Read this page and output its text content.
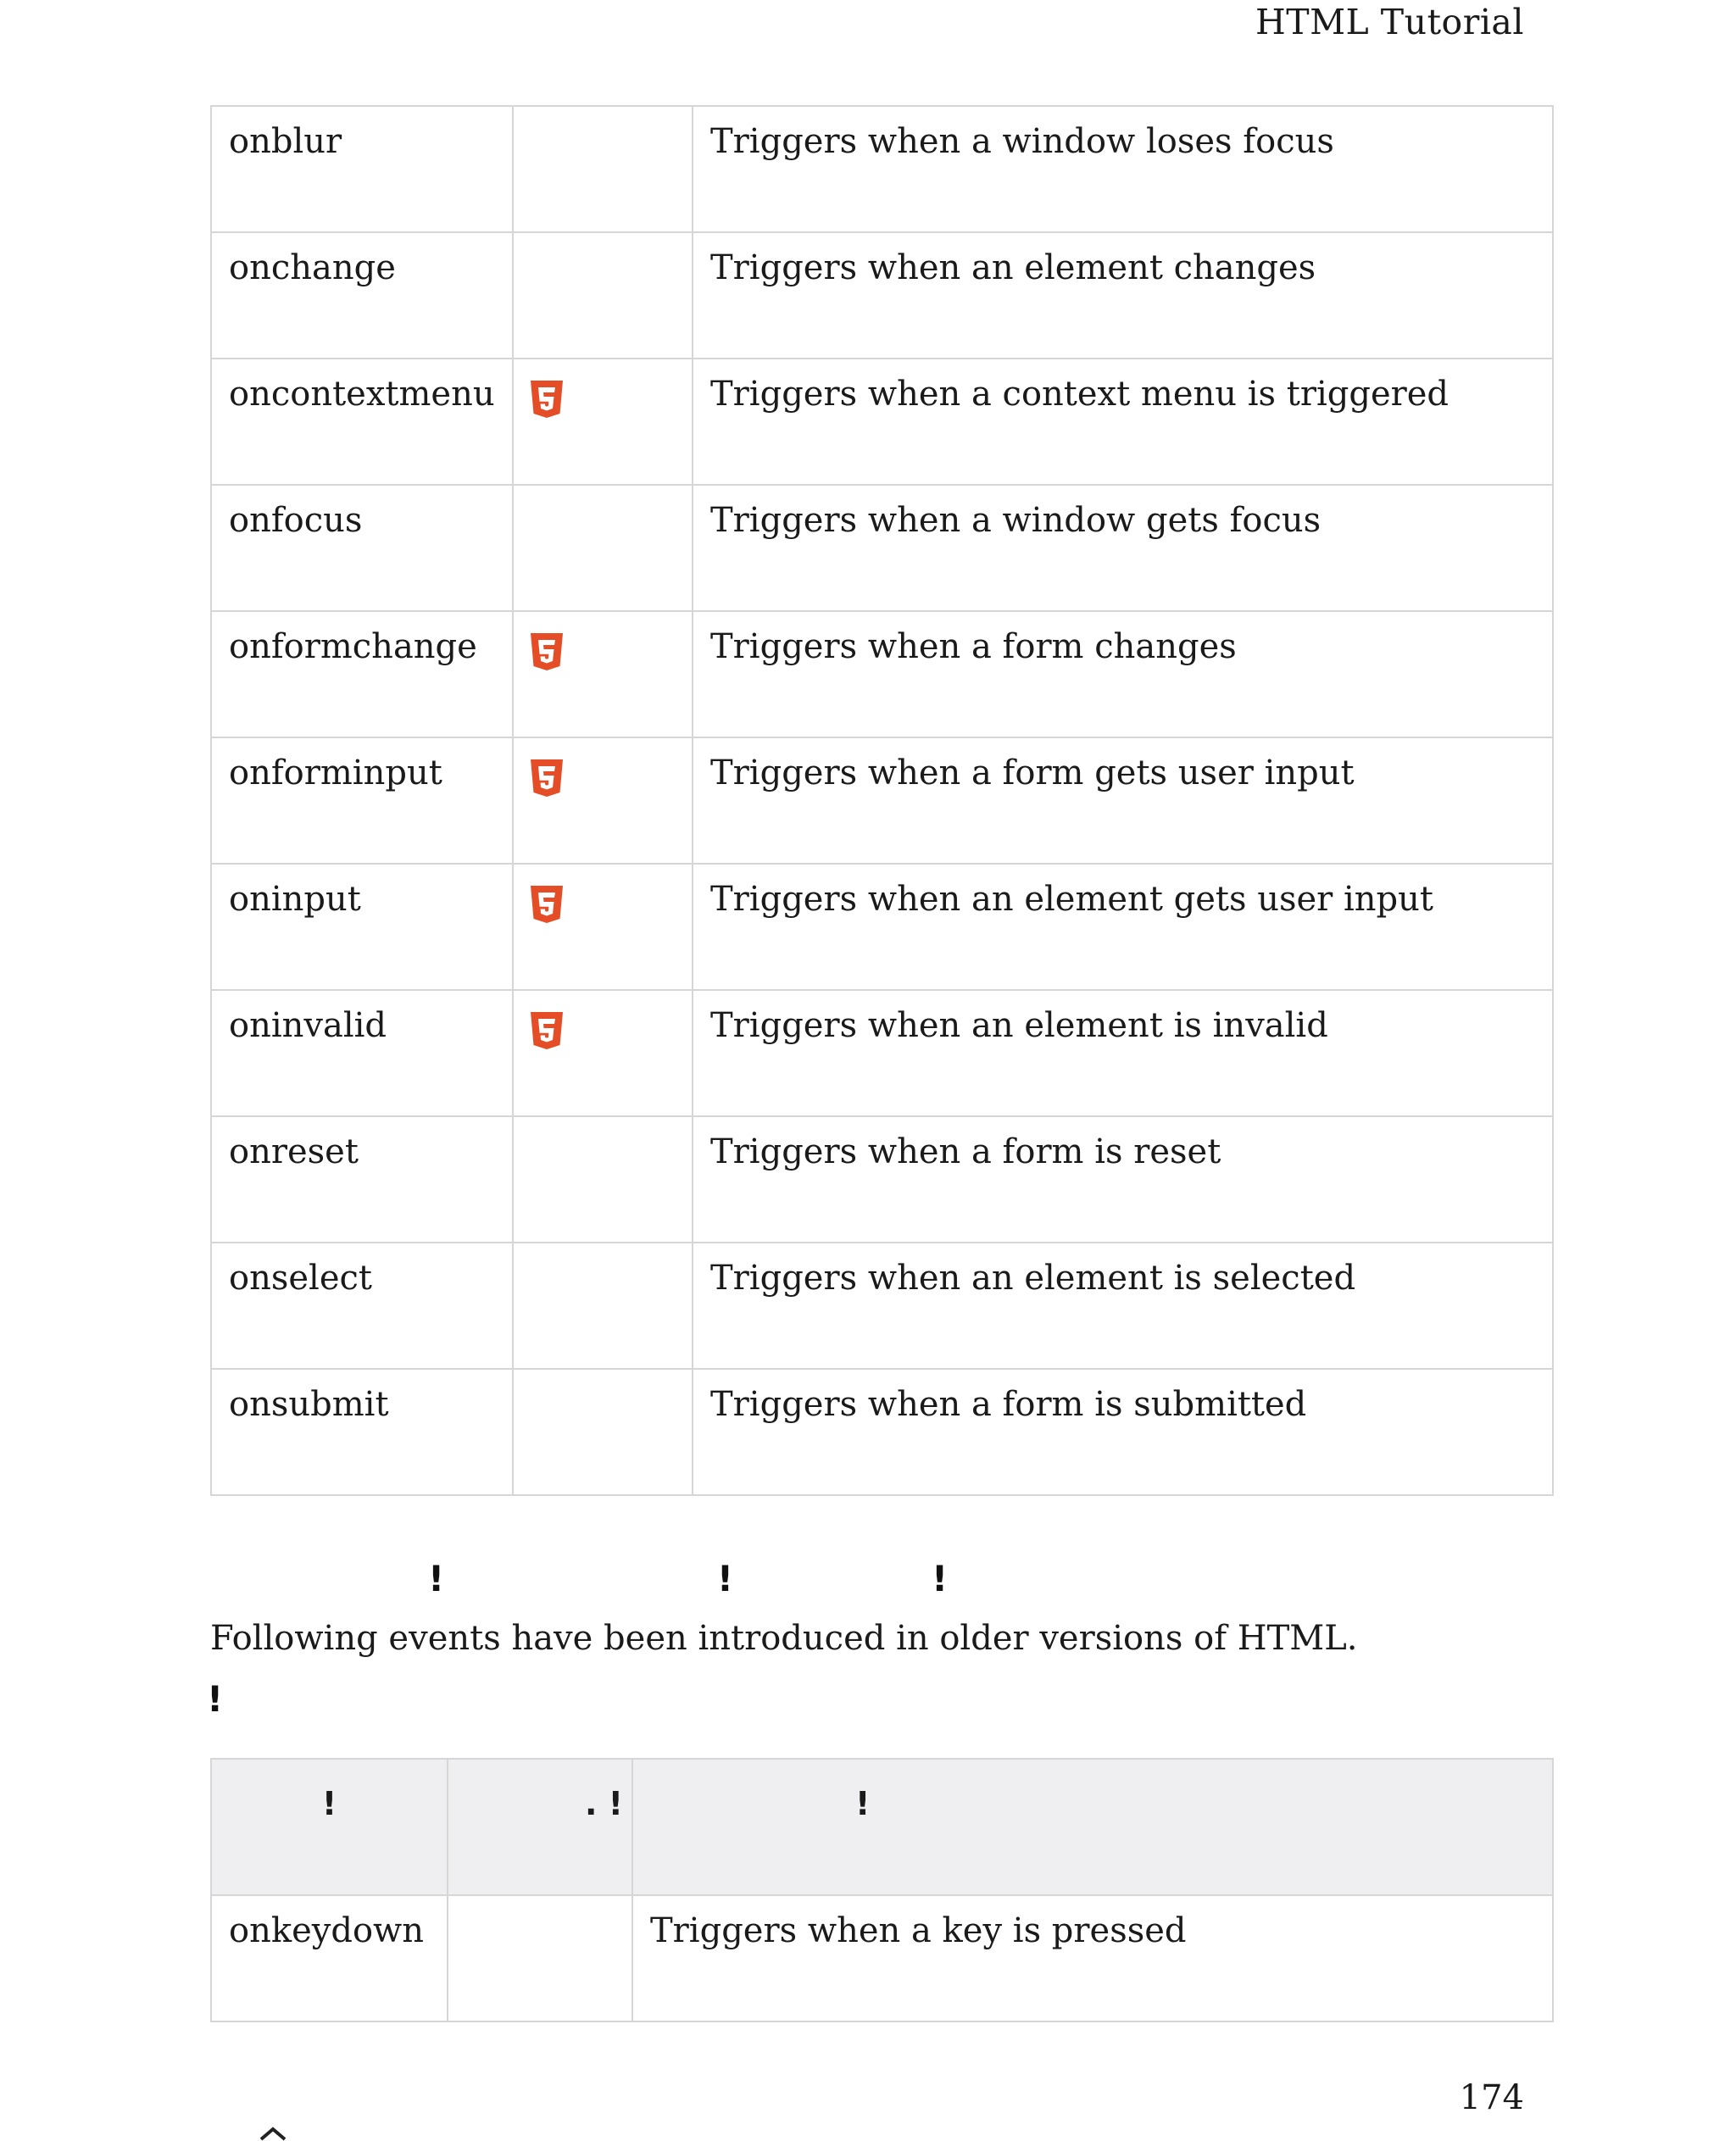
HTML Tutorial
onblur		Triggers when a window loses focus
onchange		Triggers when an element changes
oncontextmenu		Triggers when a context menu is triggered
onfocus		Triggers when a window gets focus
onformchange		Triggers when a form changes
onforminput		Triggers when a form gets user input
oninput		Triggers when an element gets user input
oninvalid		Triggers when an element is invalid
onreset		Triggers when a form is reset
onselect		Triggers when an element is selected
onsubmit		Triggers when a form is submitted

!                      !                !

Following events have been introduced in older versions of HTML.

!

!	. !	!
onkeydown		Triggers when a key is pressed
174
